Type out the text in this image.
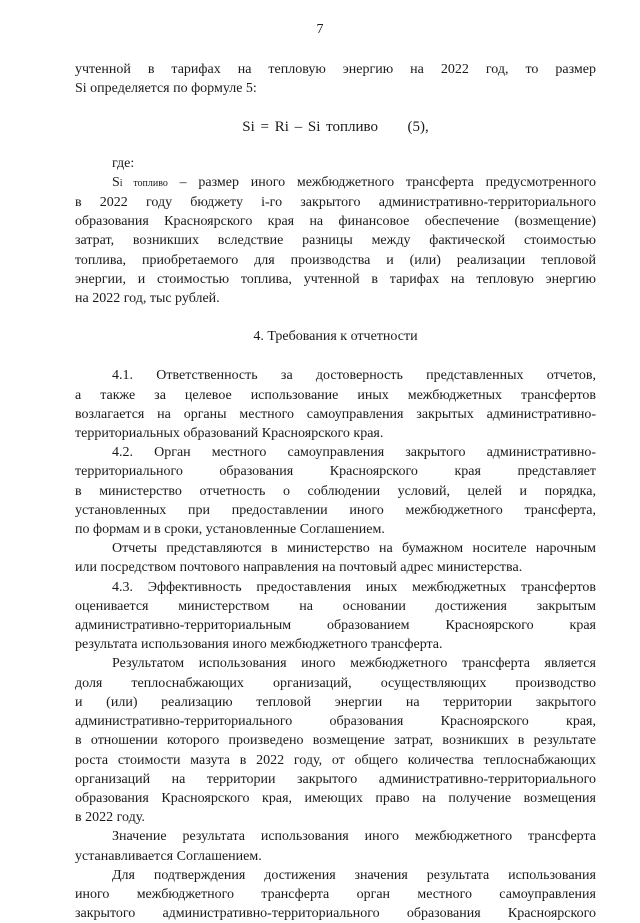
7
учтенной в тарифах на тепловую энергию на 2022 год, то размер
Si определяется по формуле 5:
Si = Ri – Si топливо (5),
где:
Si топливо – размер иного межбюджетного трансферта предусмотренного
в 2022 году бюджету i-го закрытого административно-территориального
образования Красноярского края на финансовое обеспечение (возмещение)
затрат, возникших вследствие разницы между фактической стоимостью
топлива, приобретаемого для производства и (или) реализации тепловой
энергии, и стоимостью топлива, учтенной в тарифах на тепловую энергию
на 2022 год, тыс рублей.
4. Требования к отчетности
4.1. Ответственность за достоверность представленных отчетов,
а также за целевое использование иных межбюджетных трансфертов
возлагается на органы местного самоуправления закрытых административно-
территориальных образований Красноярского края.
4.2. Орган местного самоуправления закрытого административно-
территориального образования Красноярского края представляет
в министерство отчетность о соблюдении условий, целей и порядка,
установленных при предоставлении иного межбюджетного трансферта,
по формам и в сроки, установленные Соглашением.
Отчеты представляются в министерство на бумажном носителе нарочным
или посредством почтового направления на почтовый адрес министерства.
4.3. Эффективность предоставления иных межбюджетных трансфертов
оценивается министерством на основании достижения закрытым
административно-территориальным образованием Красноярского края
результата использования иного межбюджетного трансферта.
Результатом использования иного межбюджетного трансферта является
доля теплоснабжающих организаций, осуществляющих производство
и (или) реализацию тепловой энергии на территории закрытого
административно-территориального образования Красноярского края,
в отношении которого произведено возмещение затрат, возникших в результате
роста стоимости мазута в 2022 году, от общего количества теплоснабжающих
организаций на территории закрытого административно-территориального
образования Красноярского края, имеющих право на получение возмещения
в 2022 году.
Значение результата использования иного межбюджетного трансферта
устанавливается Соглашением.
Для подтверждения достижения значения результата использования
иного межбюджетного трансферта орган местного самоуправления
закрытого административно-территориального образования Красноярского
